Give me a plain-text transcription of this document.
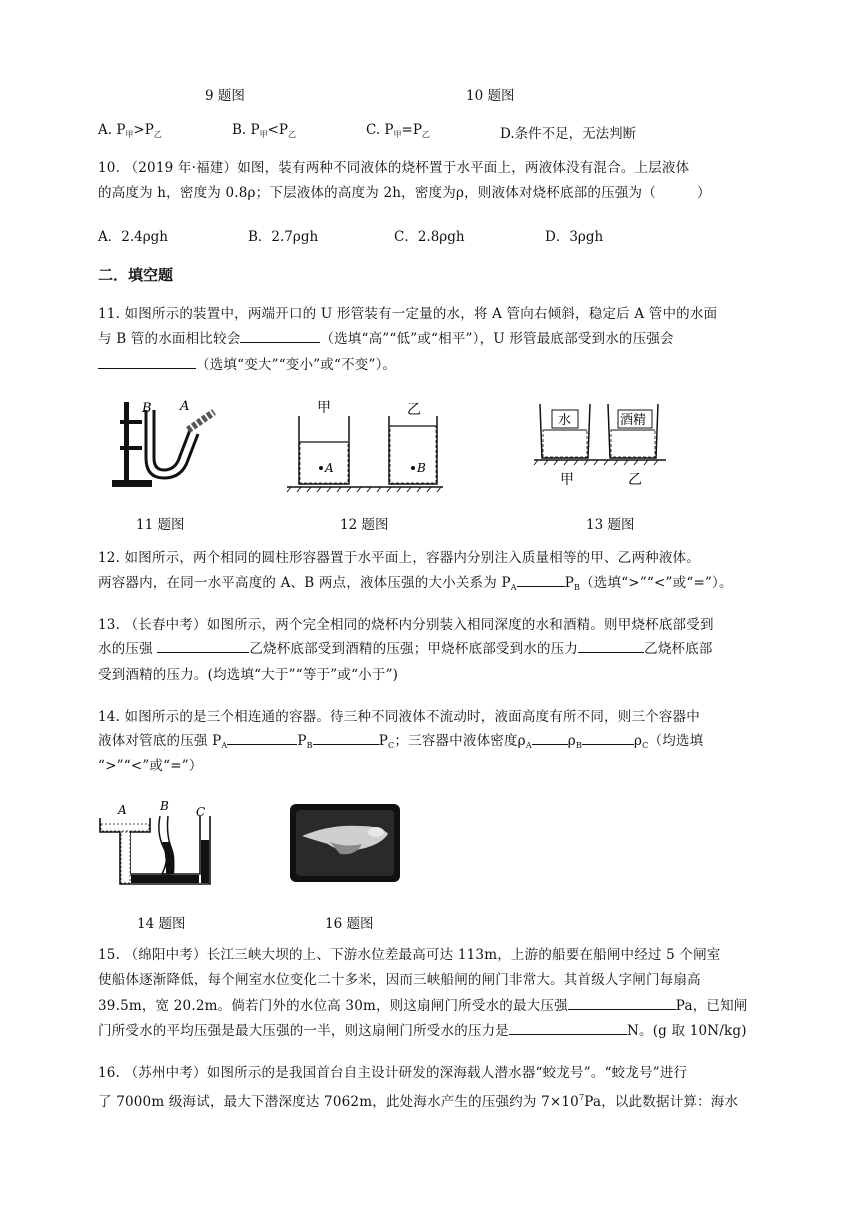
9 题图	10 题图
A. $P_甲>P_乙$	B. $P_甲<P_乙$	C. $P_甲=P_乙$	D.条件不足，无法判断
10. （2019 年·福建）如图，装有两种不同液体的烧杯置于水平面上，两液体没有混合。上层液体
的高度为 h，密度为 0.8ρ；下层液体的高度为 2h，密度为ρ，则液体对烧杯底部的压强为（　　　）
A．2.4ρgh	B．2.7ρgh	C．2.8ρgh	D．3ρgh
二．填空题
11. 如图所示的装置中，两端开口的 U 形管装有一定量的水，将 A 管向右倾斜，稳定后 A 管中的水面
与 B 管的水面相比较会	（选填“高”“低”或“相平”），U 形管最底部受到水的压强会
（选填“变大”“变小”或“不变”）。
B A
11 题图
甲	乙
A	B
12 题图
水	酒精
甲	乙
13 题图
12. 如图所示，两个相同的圆柱形容器置于水平面上，容器内分别注入质量相等的甲、乙两种液体。
两容器内，在同一水平高度的 A、B 两点，液体压强的大小关系为 $P_A$	$P_B$（选填“>”“<”或“=”）。
13. （长春中考）如图所示，两个完全相同的烧杯内分别装入相同深度的水和酒精。则甲烧杯底部受到
水的压强	乙烧杯底部受到酒精的压强；甲烧杯底部受到水的压力	乙烧杯底部
受到酒精的压力。(均选填“大于”“等于”或“小于”)
14. 如图所示的是三个相连通的容器。待三种不同液体不流动时，液面高度有所不同，则三个容器中
液体对管底的压强 $P_A$	$P_B$	$P_C$；三容器中液体密度$\rho_A$	$\rho_B$	$\rho_C$（均选填
“>”“<”或“=”）
A	B C
14 题图	16 题图
15. （绵阳中考）长江三峡大坝的上、下游水位差最高可达 113m，上游的船要在船闸中经过 5 个闸室
使船体逐渐降低，每个闸室水位变化二十多米，因而三峡船闸的闸门非常大。其首级人字闸门每扇高
39.5m，宽 20.2m。倘若门外的水位高 30m，则这扇闸门所受水的最大压强	Pa，已知闸
门所受水的平均压强是最大压强的一半，则这扇闸门所受水的压力是	N。(g 取 10N/kg)
16. （苏州中考）如图所示的是我国首台自主设计研发的深海载人潜水器“蛟龙号”。“蛟龙号”进行
了 7000m 级海试，最大下潜深度达 7062m，此处海水产生的压强约为 $7\times 10^7Pa$，以此数据计算：海水
